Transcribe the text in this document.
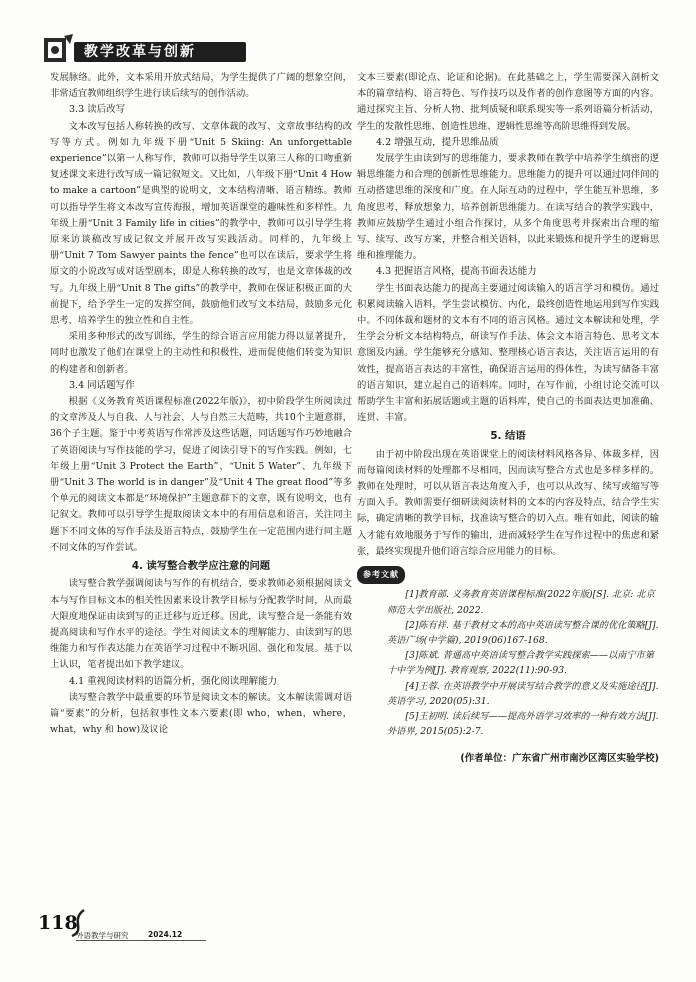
教学改革与创新

发展脉络。此外，文本采用开放式结局，为学生提供了广阔的想象空间，非常适宜教师组织学生进行读后续写的创作活动。

3.3 读后改写

文本改写包括人称转换的改写、文章体裁的改写、文章故事结构的改写等方式。例如九年级下册“Unit 5 Skiing: An unforgettable experience”以第一人称写作，教师可以指导学生以第三人称的口吻重新复述课文来进行改写成一篇记叙短文。又比如，八年级下册“Unit 4 How to make a cartoon”是典型的说明文，文本结构清晰、语言精练。教师可以指导学生将文本改写宣传海报，增加英语课堂的趣味性和多样性。九年级上册“Unit 3 Family life in cities”的教学中，教师可以引导学生将原来访谈稿改写成记叙文并展开改写实践活动。同样的，九年级上册“Unit 7 Tom Sawyer paints the fence”也可以在读后，要求学生将原文的小说改写成对话型剧本，即是人称转换的改写，也是文章体裁的改写。九年级上册“Unit 8 The gifts”的教学中，教师在保证积极正面的大前提下，给予学生一定的发挥空间，鼓励他们改写文本结局，鼓励多元化思考，培养学生的独立性和自主性。

采用多种形式的改写训练，学生的综合语言应用能力得以显著提升，同时也激发了他们在课堂上的主动性和积极性，进而促使他们转变为知识的构建者和创新者。

3.4 同话题写作

根据《义务教育英语课程标准(2022年版)》，初中阶段学生所阅读过的文章涉及人与自我、人与社会、人与自然三大范畴，共10个主题意群，36个子主题。鉴于中考英语写作常涉及这些话题，同话题写作巧妙地融合了英语阅读与写作技能的学习，促进了阅读引导下的写作实践。例如，七年级上册“Unit 3 Protect the Earth”、“Unit 5 Water”、九年级下册“Unit 3 The world is in danger”及“Unit 4 The great flood”等多个单元的阅读文本都是“环境保护”主题意群下的文章，既有说明文，也有记叙文。教师可以引导学生提取阅读文本中的有用信息和语言，关注同主题下不同文体的写作手法及语言特点，鼓励学生在一定范围内进行同主题不同文体的写作尝试。

4. 读写整合教学应注意的问题

读写整合教学强调阅读与写作的有机结合，要求教师必须根据阅读文本与写作目标文本的相关性因素来设计教学目标与分配教学时间，从而最大限度地保证由读到写的正迁移与近迁移。因此，读写整合是一条能有效提高阅读和写作水平的途径。学生对阅读文本的理解能力、由读到写的思维能力和写作表达能力在英语学习过程中不断巩固、强化和发展。基于以上认识，笔者提出如下教学建议。

4.1 重视阅读材料的语篇分析，强化阅读理解能力

读写整合教学中最重要的环节是阅读文本的解读。文本解读需调对语篇“要素”的分析，包括叙事性文本六要素(即 who，when，where，what，why 和 how)及议论

文本三要素(即论点、论证和论据)。在此基础之上，学生需要深入剖析文本的篇章结构、语言特色、写作技巧以及作者的创作意图等方面的内容。通过探究主旨、分析人物、批判质疑和联系现实等一系列语篇分析活动，学生的发散性思维、创造性思维、逻辑性思维等高阶思维得到发展。

4.2 增强互动，提升思维品质

发展学生由读到写的思维能力，要求教师在教学中培养学生缜密的逻辑思维能力和合理的创新性思维能力。思维能力的提升可以通过同伴间的互动搭建思维的深度和广度。在人际互动的过程中，学生能互补思维，多角度思考，释放想象力，培养创新思维能力。在读写结合的教学实践中，教师应鼓励学生通过小组合作探讨，从多个角度思考并探索出合理的缩写、续写、改写方案，并整合相关语料，以此来锻炼和提升学生的逻辑思维和推理能力。

4.3 把握语言风格，提高书面表达能力

学生书面表达能力的提高主要通过阅读输入的语言学习和模仿。通过积累阅读输入语料，学生尝试模仿、内化，最终创造性地运用到写作实践中。不同体裁和题材的文本有不同的语言风格。通过文本解读和处理，学生学会分析文本结构特点，研读写作手法、体会文本语言特色、思考文本意图及内涵。学生能够充分感知、整理核心语言表达，关注语言运用的有效性，提高语言表达的丰富性，确保语言运用的得体性，为读写储备丰富的语言知识，建立起自己的语料库。同时，在写作前，小组讨论交流可以帮助学生丰富和拓展话题或主题的语料库，使自己的书面表达更加准确、连贯、丰富。

5. 结语

由于初中阶段出现在英语课堂上的阅读材料风格各异、体裁多样，因而每篇阅读材料的处理都不尽相同，因而读写整合方式也是多样多样的。教师在处理时，可以从语言表达角度入手，也可以从改写、续写或缩写等方面入手。教师需要仔细研读阅读材料的文本的内容及特点，结合学生实际，确定清晰的教学目标，找准读写整合的切入点。唯有如此，阅读的输入才能有效地服务于写作的输出，进而减轻学生在写作过程中的焦虑和紧张，最终实现提升他们语言综合应用能力的目标。

参考文献

[1]教育部. 义务教育英语课程标准(2022年版)[S]. 北京: 北京师范大学出版社, 2022.

[2]陈有祥. 基于教材文本的高中英语读写整合课的优化策略[J]. 英语广场(中学篇), 2019(06)167-168.

[3]陈斌. 普通高中英语读写整合教学实践探索——以南宁市第十中学为例[J]. 教育观察, 2022(11):90-93.

[4]王蓉. 在英语教学中开展读写结合教学的意义及实施途径[J]. 英语学习, 2020(05):31.

[5]王初明. 读后续写——提高外语学习效率的一种有效方法[J]. 外语界, 2015(05):2-7.

(作者单位：广东省广州市南沙区湾区实验学校)
118
外语教学与研究	2024.12
